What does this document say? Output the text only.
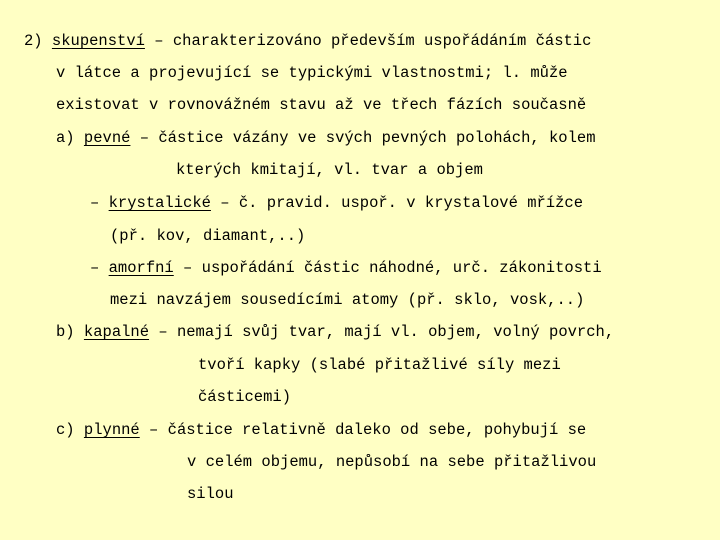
2) skupenství – charakterizováno především uspořádáním částic
v látce a projevující se typickými vlastnostmi; l. může
existovat v rovnovážném stavu až ve třech fázích současně
a) pevné – částice vázány ve svých pevných polohách, kolem
kterých kmitají, vl. tvar a objem
– krystalické – č. pravid. uspoř. v krystalové mřížce
(př. kov, diamant,..)
– amorfní – uspořádání částic náhodné, urč. zákonitosti
mezi navzájem sousedícími atomy (př. sklo, vosk,..)
b) kapalné – nemají svůj tvar, mají vl. objem, volný povrch,
tvoří kapky (slabé přitažlivé síly mezi
částicemi)
c) plynné – částice relativně daleko od sebe, pohybují se
v celém objemu, nepůsobí na sebe přitažlivou
silou
